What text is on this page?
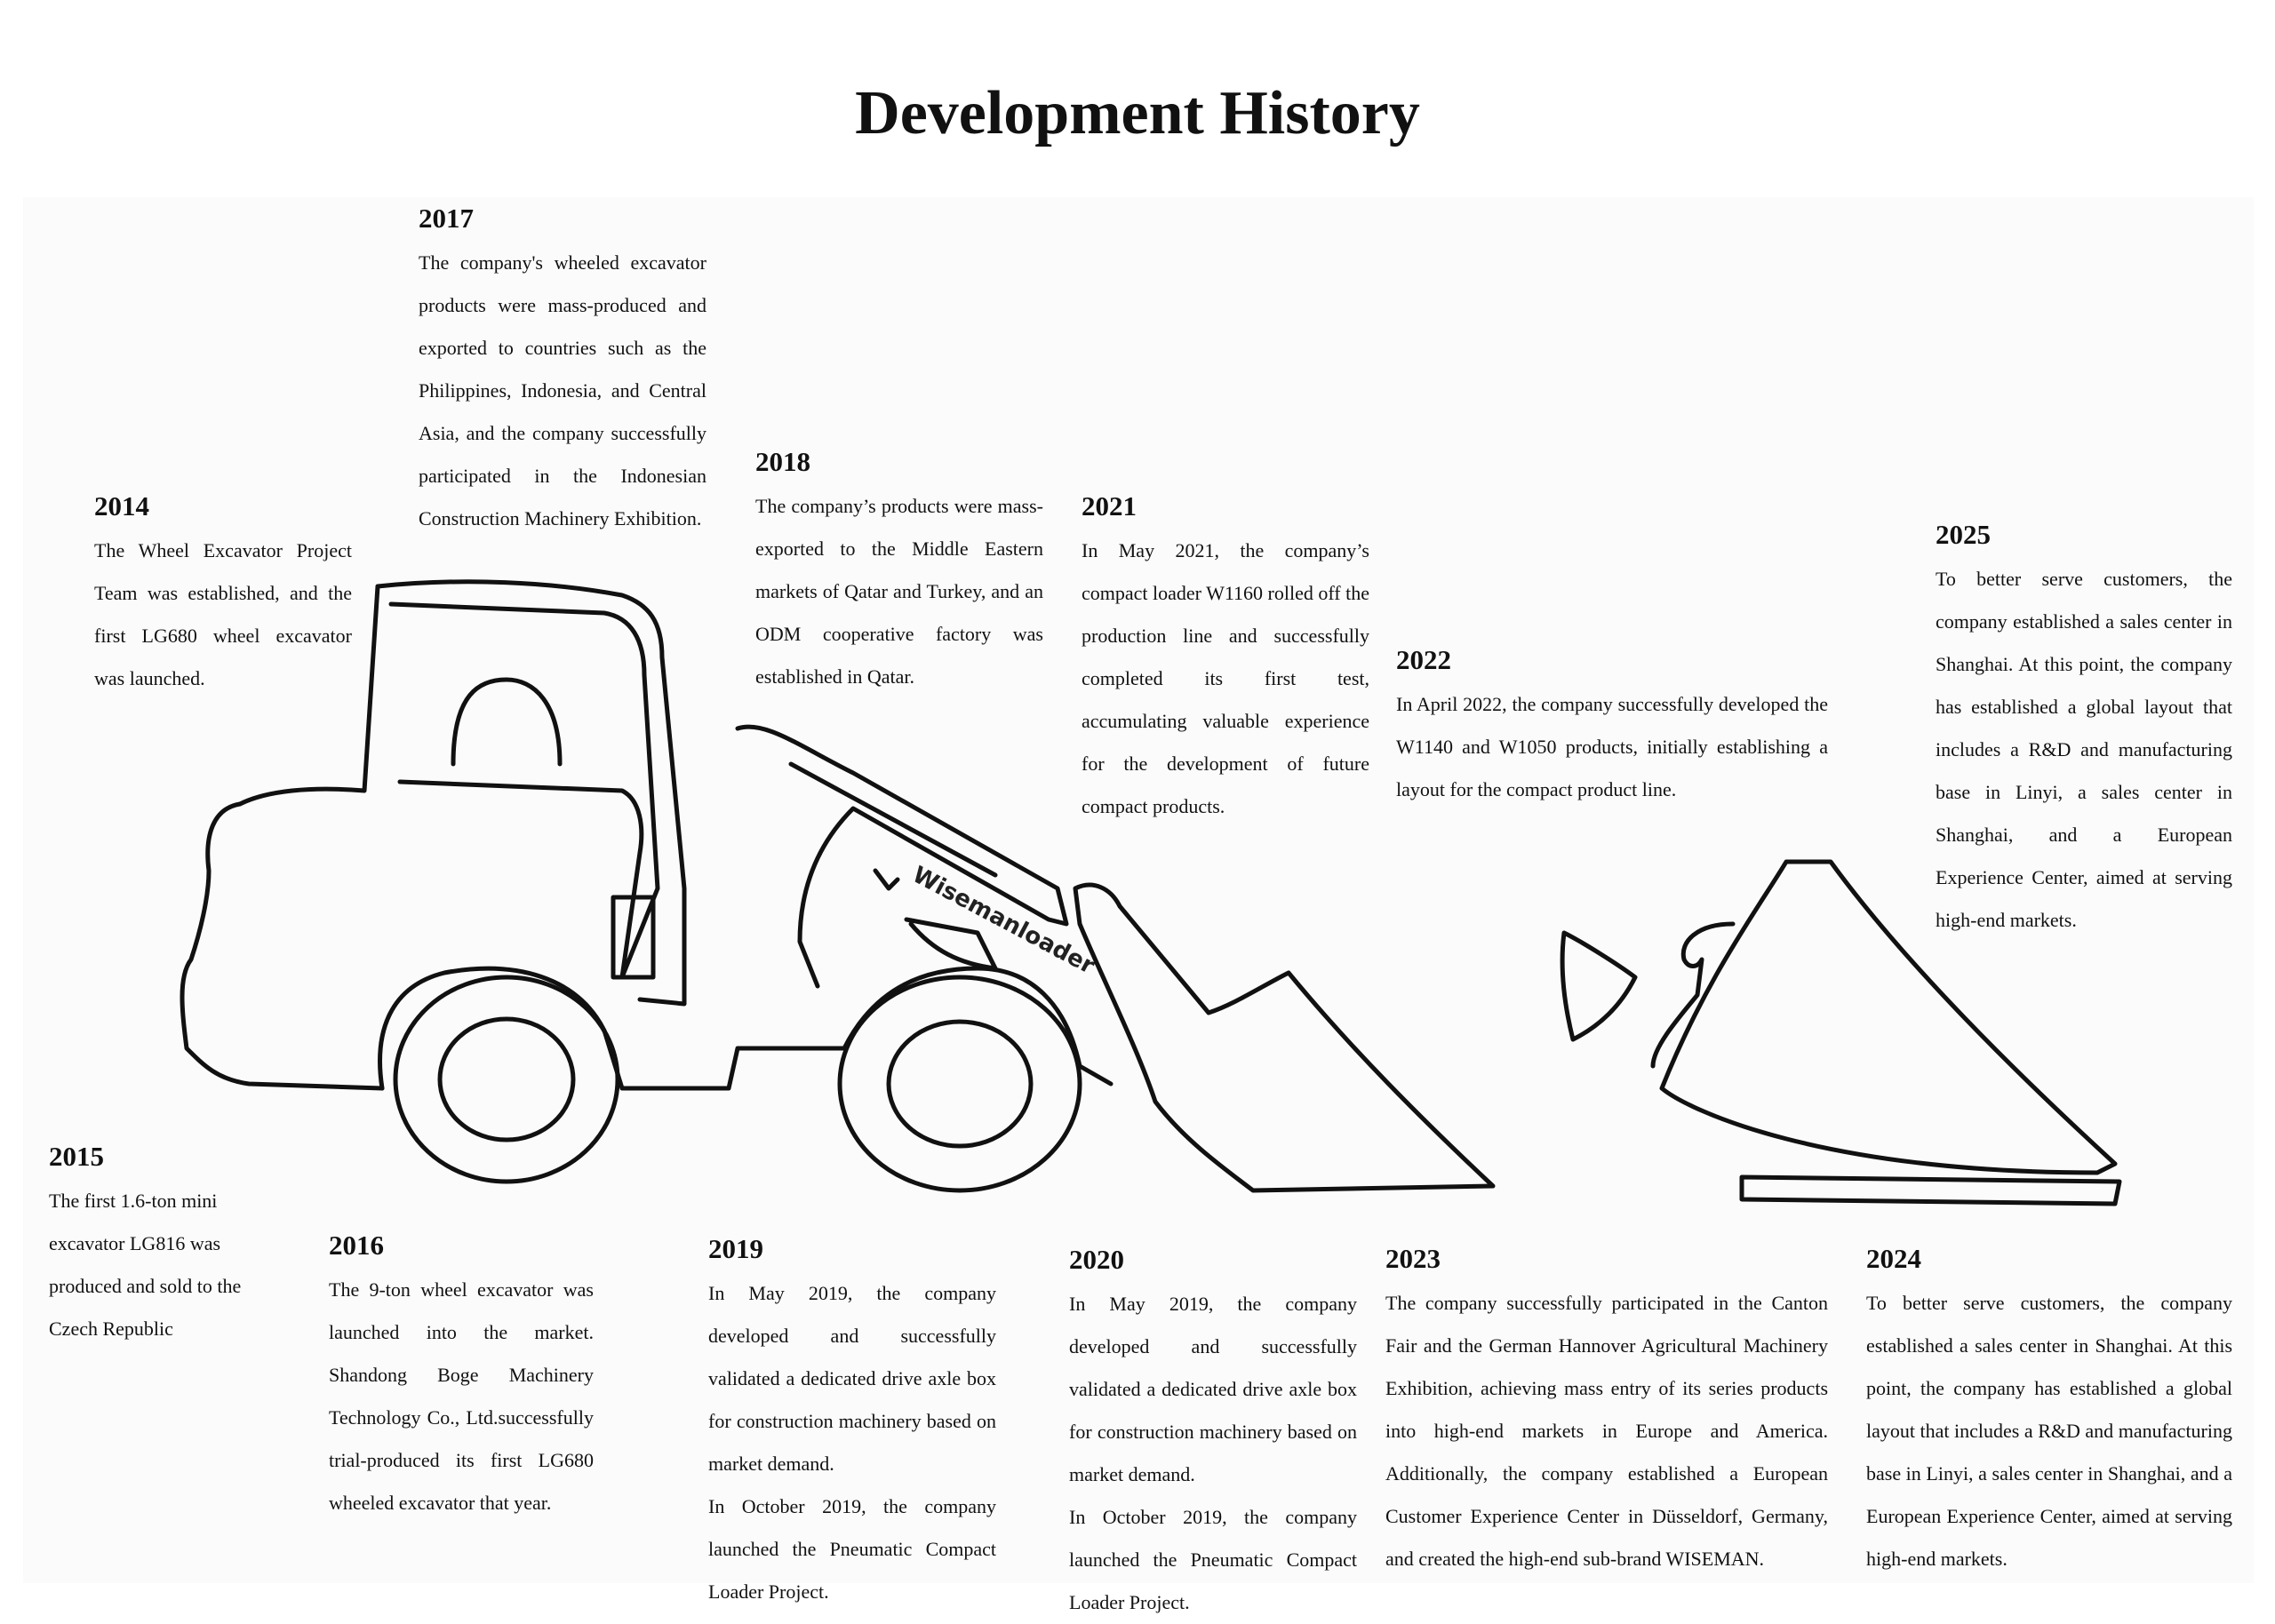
Wisemanloader
Development History
2014

The Wheel Excavator Project Team was established, and the first LG680 wheel excavator was launched.

2015

The first 1.6-ton mini excavator LG816 was produced and sold to the Czech Republic

2016

The 9-ton wheel excavator was launched into the market. Shandong Boge Machinery Technology Co., Ltd.successfully trial-produced its first LG680 wheeled excavator that year.

2017

The company's wheeled excavator products were mass-produced and exported to countries such as the Philippines, Indonesia, and Central Asia, and the company successfully participated in the Indonesian Construction Machinery Exhibition.

2018

The company’s products were mass-exported to the Middle Eastern markets of Qatar and Turkey, and an ODM cooperative factory was established in Qatar.

2019

In May 2019, the company developed and successfully validated a dedicated drive axle box for construction machinery based on market demand.

In October 2019, the company launched the Pneumatic Compact Loader Project.

2020

In May 2019, the company developed and successfully validated a dedicated drive axle box for construction machinery based on market demand.

In October 2019, the company launched the Pneumatic Compact Loader Project.

2021

In May 2021, the company’s compact loader W1160 rolled off the production line and successfully completed its first test, accumulating valuable experience for the development of future compact products.

2022

In April 2022, the company successfully developed the W1140 and W1050 products, initially establishing a layout for the compact product line.

2023

The company successfully participated in the Canton Fair and the German Hannover Agricultural Machinery Exhibition, achieving mass entry of its series products into high-end markets in Europe and America. Additionally, the company established a European Customer Experience Center in Düsseldorf, Germany, and created the high-end sub-brand WISEMAN.

2024

To better serve customers, the company established a sales center in Shanghai. At this point, the company has established a global layout that includes a R&D and manufacturing base in Linyi, a sales center in Shanghai, and a European Experience Center, aimed at serving high-end markets.

2025

To better serve customers, the company established a sales center in Shanghai. At this point, the company has established a global layout that includes a R&D and manufacturing base in Linyi, a sales center in Shanghai, and a European Experience Center, aimed at serving high-end markets.
